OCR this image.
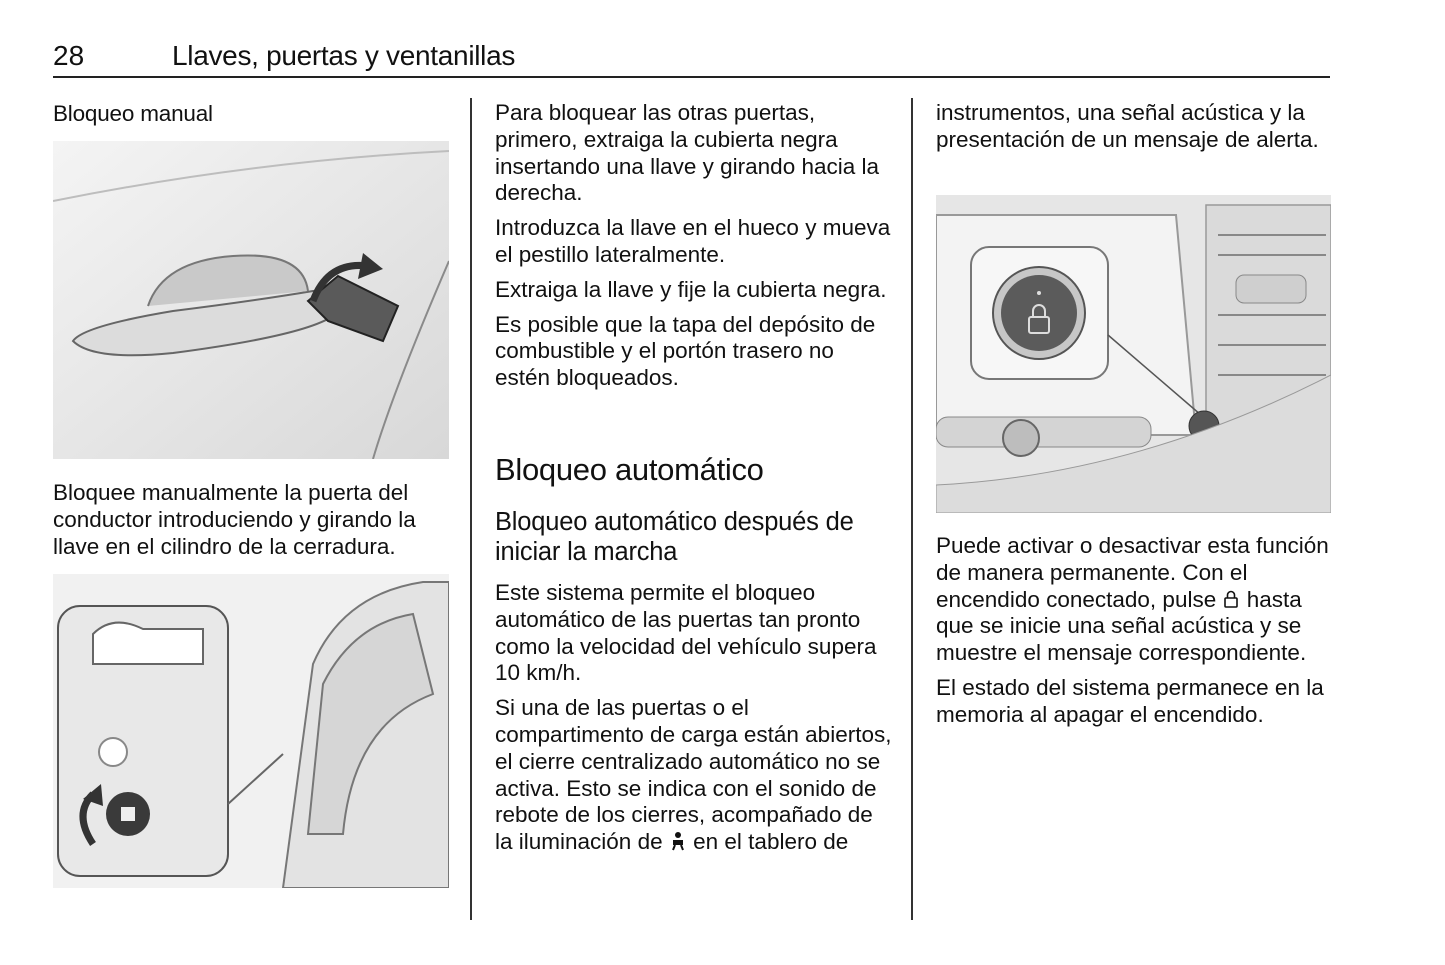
28	Llaves, puertas y ventanillas
Bloqueo manual

Bloquee manualmente la puerta del conductor introduciendo y girando la llave en el cilindro de la cerradura.

Para bloquear las otras puertas, primero, extraiga la cubierta negra insertando una llave y girando hacia la derecha.

Introduzca la llave en el hueco y mueva el pestillo lateralmente.

Extraiga la llave y fije la cubierta negra.

Es posible que la tapa del depósito de combustible y el portón trasero no estén bloqueados.

Bloqueo automático
Bloqueo automático después de iniciar la marcha

Este sistema permite el bloqueo automático de las puertas tan pronto como la velocidad del vehículo supera 10 km/h.

Si una de las puertas o el compartimento de carga están abiertos, el cierre centralizado automático no se activa. Esto se indica con el sonido de rebote de los cierres, acompañado de la iluminación de en el tablero de

instrumentos, una señal acústica y la presentación de un mensaje de alerta.

Puede activar o desactivar esta función de manera permanente. Con el encendido conectado, pulse hasta que se inicie una señal acústica y se muestre el mensaje correspondiente.

El estado del sistema permanece en la memoria al apagar el encendido.
